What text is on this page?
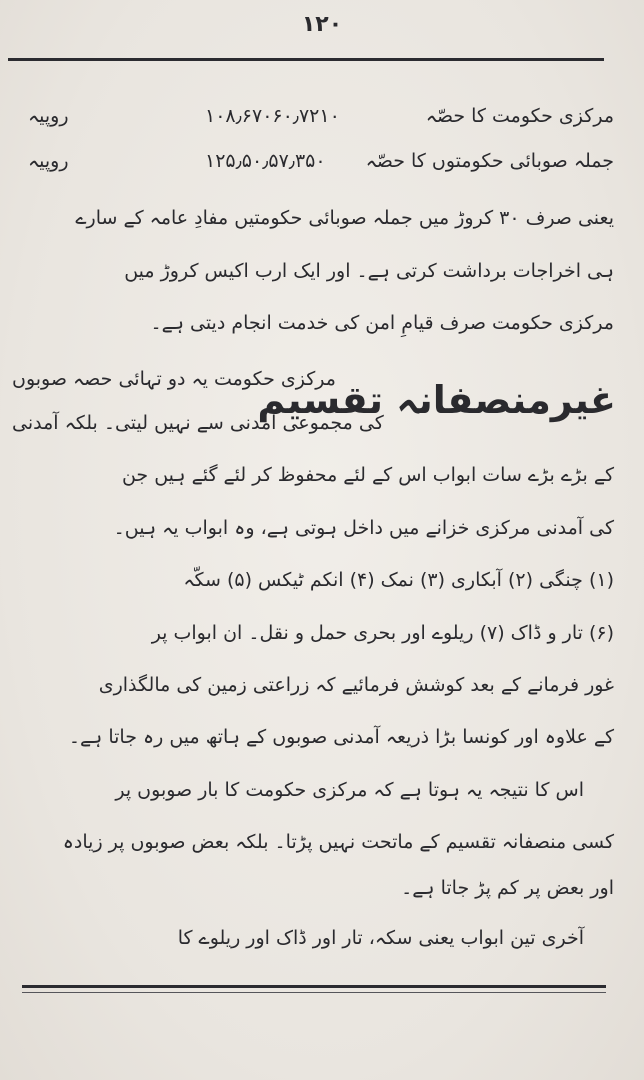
۱۲۰
مرکزی حکومت کا حصّہ
۱۰۸٫۶۷۰۶۰٫۷۲۱۰
روپیہ
جملہ صوبائی حکومتوں کا حصّہ
۱۲۵٫۵۰٫۵۷٫۳۵۰
روپیہ
یعنی صرف ۳۰ کروڑ میں جملہ صوبائی حکومتیں مفادِ عامہ کے سارے
ہی اخراجات برداشت کرتی ہے۔ اور ایک ارب اکیس کروڑ میں
مرکزی حکومت صرف قیامِ امن کی خدمت انجام دیتی ہے۔
غیرمنصفانہ تقسیم
مرکزی حکومت یہ دو تہائی حصہ صوبوں
کی مجموعی آمدنی سے نہیں لیتی۔ بلکہ آمدنی
کے بڑے بڑے سات ابواب اس کے لئے محفوظ کر لئے گئے ہیں جن
کی آمدنی مرکزی خزانے میں داخل ہوتی ہے، وہ ابواب یہ ہیں۔
(۱) چنگی (۲) آبکاری (۳) نمک (۴) انکم ٹیکس (۵) سکّہ
(۶) تار و ڈاک (۷) ریلوے اور بحری حمل و نقل۔ ان ابواب پر
غور فرمانے کے بعد کوشش فرمائیے کہ زراعتی زمین کی مالگذاری
کے علاوہ اور کونسا بڑا ذریعہ آمدنی صوبوں کے ہاتھ میں رہ جاتا ہے۔
اس کا نتیجہ یہ ہوتا ہے کہ مرکزی حکومت کا بار صوبوں پر
کسی منصفانہ تقسیم کے ماتحت نہیں پڑتا۔ بلکہ بعض صوبوں پر زیادہ
اور بعض پر کم پڑ جاتا ہے۔
آخری تین ابواب یعنی سکہ، تار اور ڈاک اور ریلوے کا
